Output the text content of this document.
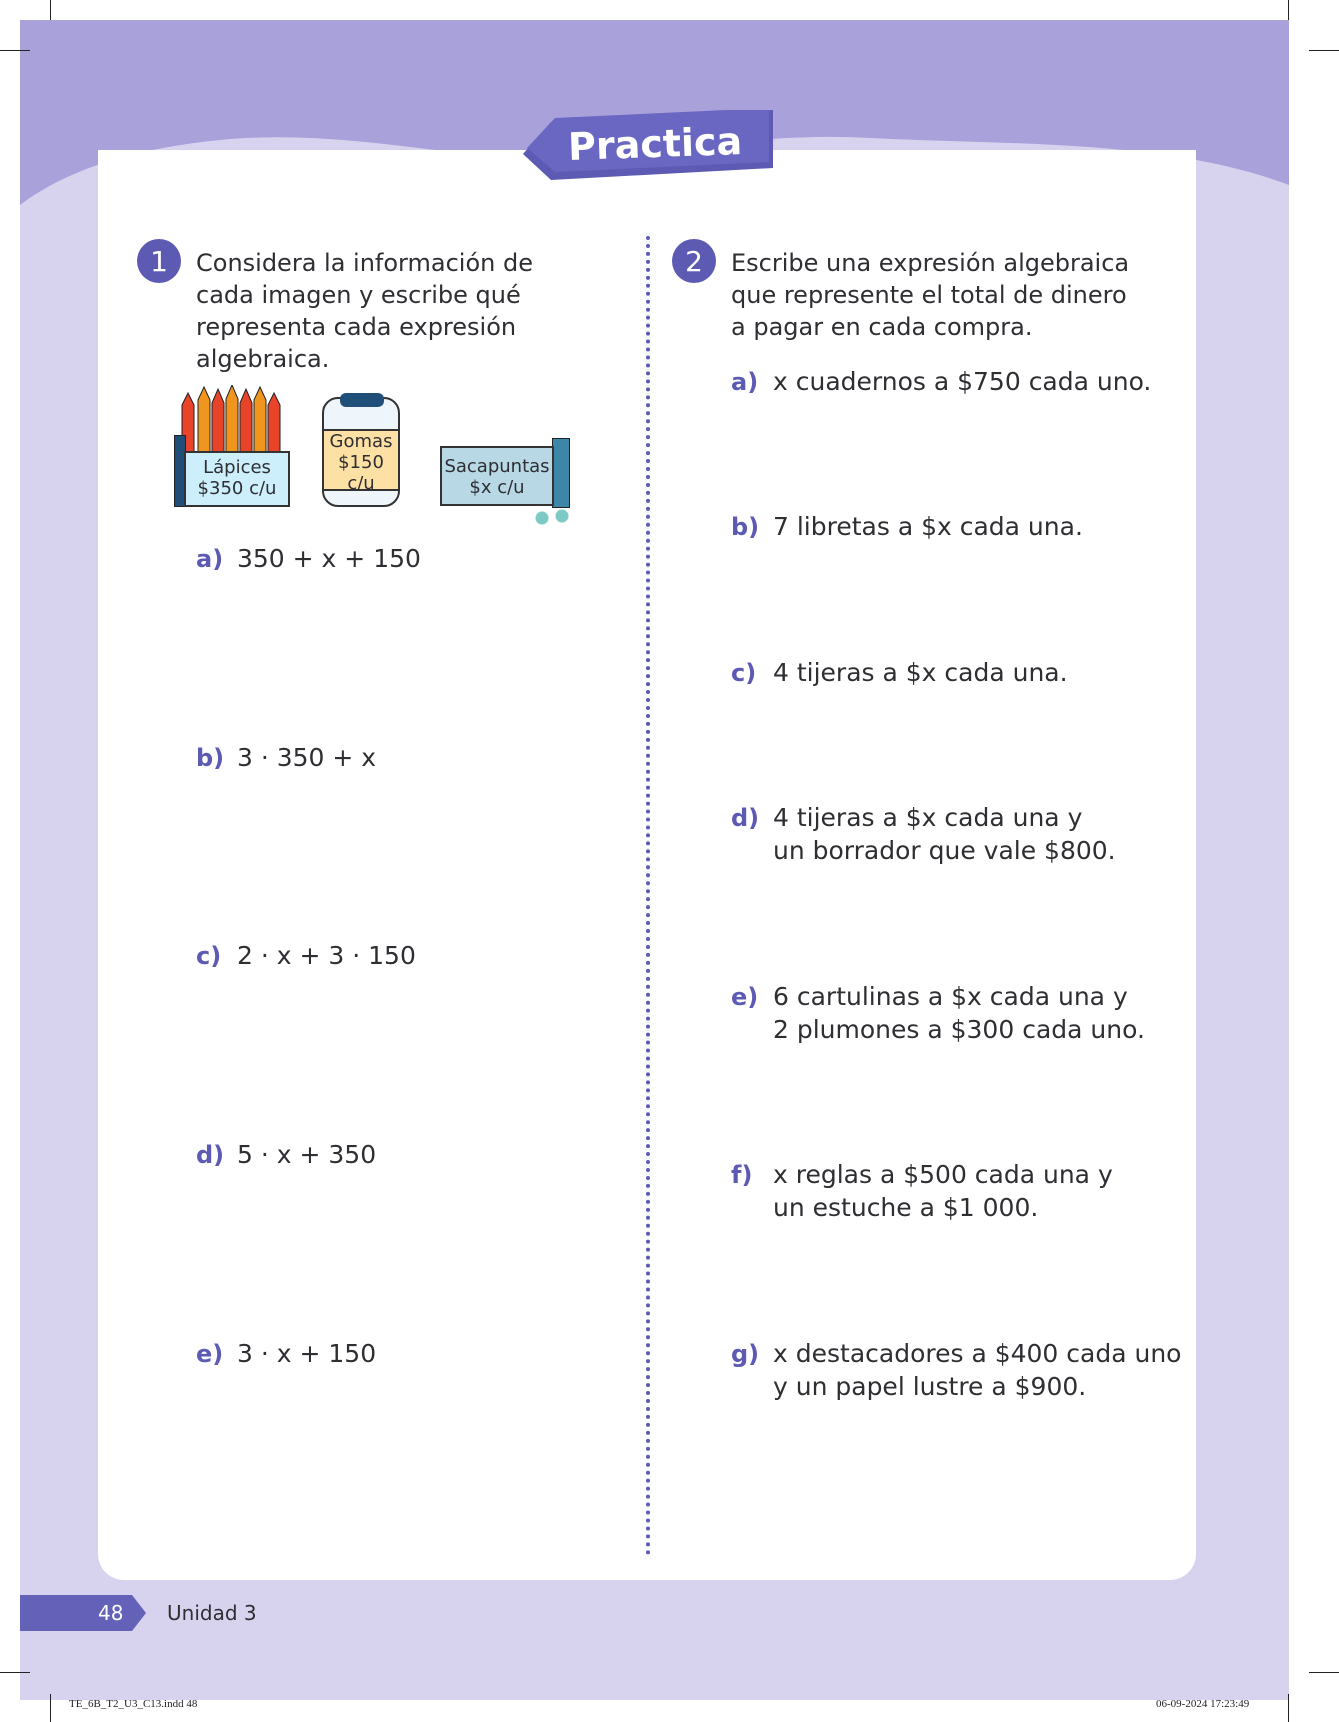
Practica
1	Considera la información de cada imagen y escribe qué representa cada expresión algebraica.
Lápices
$350 c/u
Gomas
$150
c/u
Sacapuntas
$x c/u
a) 350 + x + 150
b) 3 · 350 + x
c) 2 · x + 3 · 150
d) 5 · x + 350
e) 3 · x + 150
2	Escribe una expresión algebraica que represente el total de dinero a pagar en cada compra.
a) x cuadernos a $750 cada uno.
b) 7 libretas a $x cada una.
c) 4 tijeras a $x cada una.
d) 4 tijeras a $x cada una y
un borrador que vale $800.
e) 6 cartulinas a $x cada una y
2 plumones a $300 cada uno.
f) x reglas a $500 cada una y
un estuche a $1 000.
g) x destacadores a $400 cada uno
y un papel lustre a $900.
48 Unidad 3
TE_6B_T2_U3_C13.indd 48	06-09-2024 17:23:49
